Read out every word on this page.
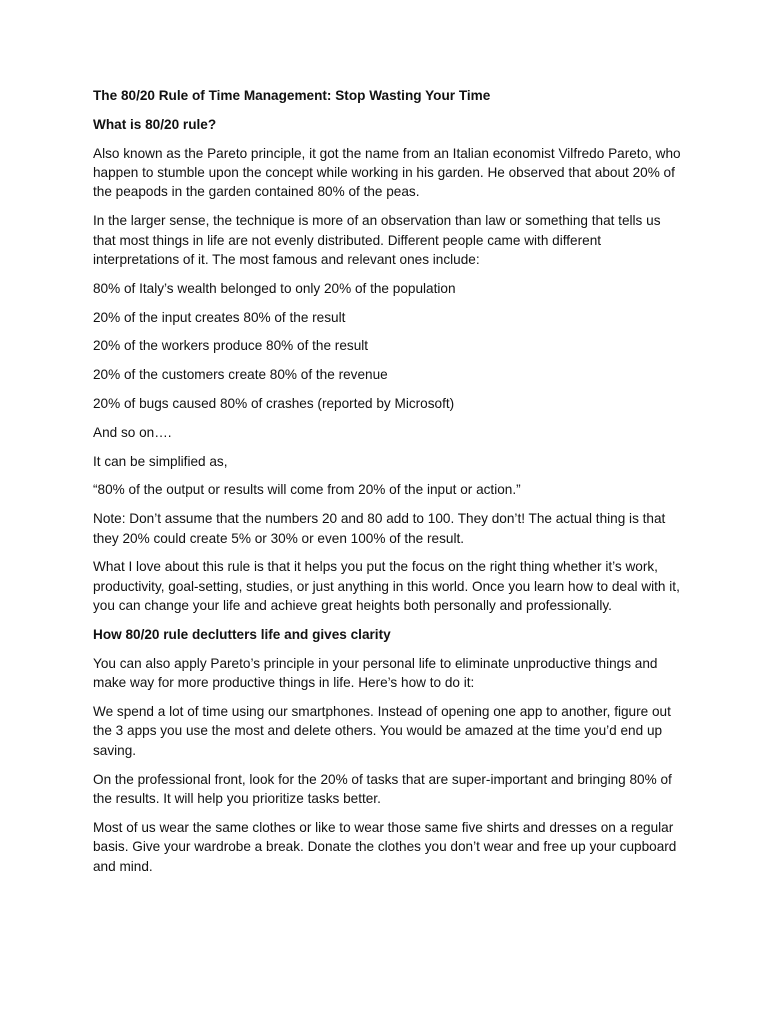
The 80/20 Rule of Time Management: Stop Wasting Your Time

What is 80/20 rule?

Also known as the Pareto principle, it got the name from an Italian economist Vilfredo Pareto, who happen to stumble upon the concept while working in his garden. He observed that about 20% of the peapods in the garden contained 80% of the peas.

In the larger sense, the technique is more of an observation than law or something that tells us that most things in life are not evenly distributed. Different people came with different interpretations of it. The most famous and relevant ones include:

80% of Italy’s wealth belonged to only 20% of the population

20% of the input creates 80% of the result

20% of the workers produce 80% of the result

20% of the customers create 80% of the revenue

20% of bugs caused 80% of crashes (reported by Microsoft)

And so on….

It can be simplified as,

“80% of the output or results will come from 20% of the input or action.”

Note: Don’t assume that the numbers 20 and 80 add to 100. They don’t! The actual thing is that they 20% could create 5% or 30% or even 100% of the result.

What I love about this rule is that it helps you put the focus on the right thing whether it’s work, productivity, goal-setting, studies, or just anything in this world. Once you learn how to deal with it, you can change your life and achieve great heights both personally and professionally.

How 80/20 rule declutters life and gives clarity

You can also apply Pareto’s principle in your personal life to eliminate unproductive things and make way for more productive things in life. Here’s how to do it:

We spend a lot of time using our smartphones. Instead of opening one app to another, figure out the 3 apps you use the most and delete others. You would be amazed at the time you’d end up saving.

On the professional front, look for the 20% of tasks that are super-important and bringing 80% of the results. It will help you prioritize tasks better.

Most of us wear the same clothes or like to wear those same five shirts and dresses on a regular basis. Give your wardrobe a break. Donate the clothes you don’t wear and free up your cupboard and mind.
